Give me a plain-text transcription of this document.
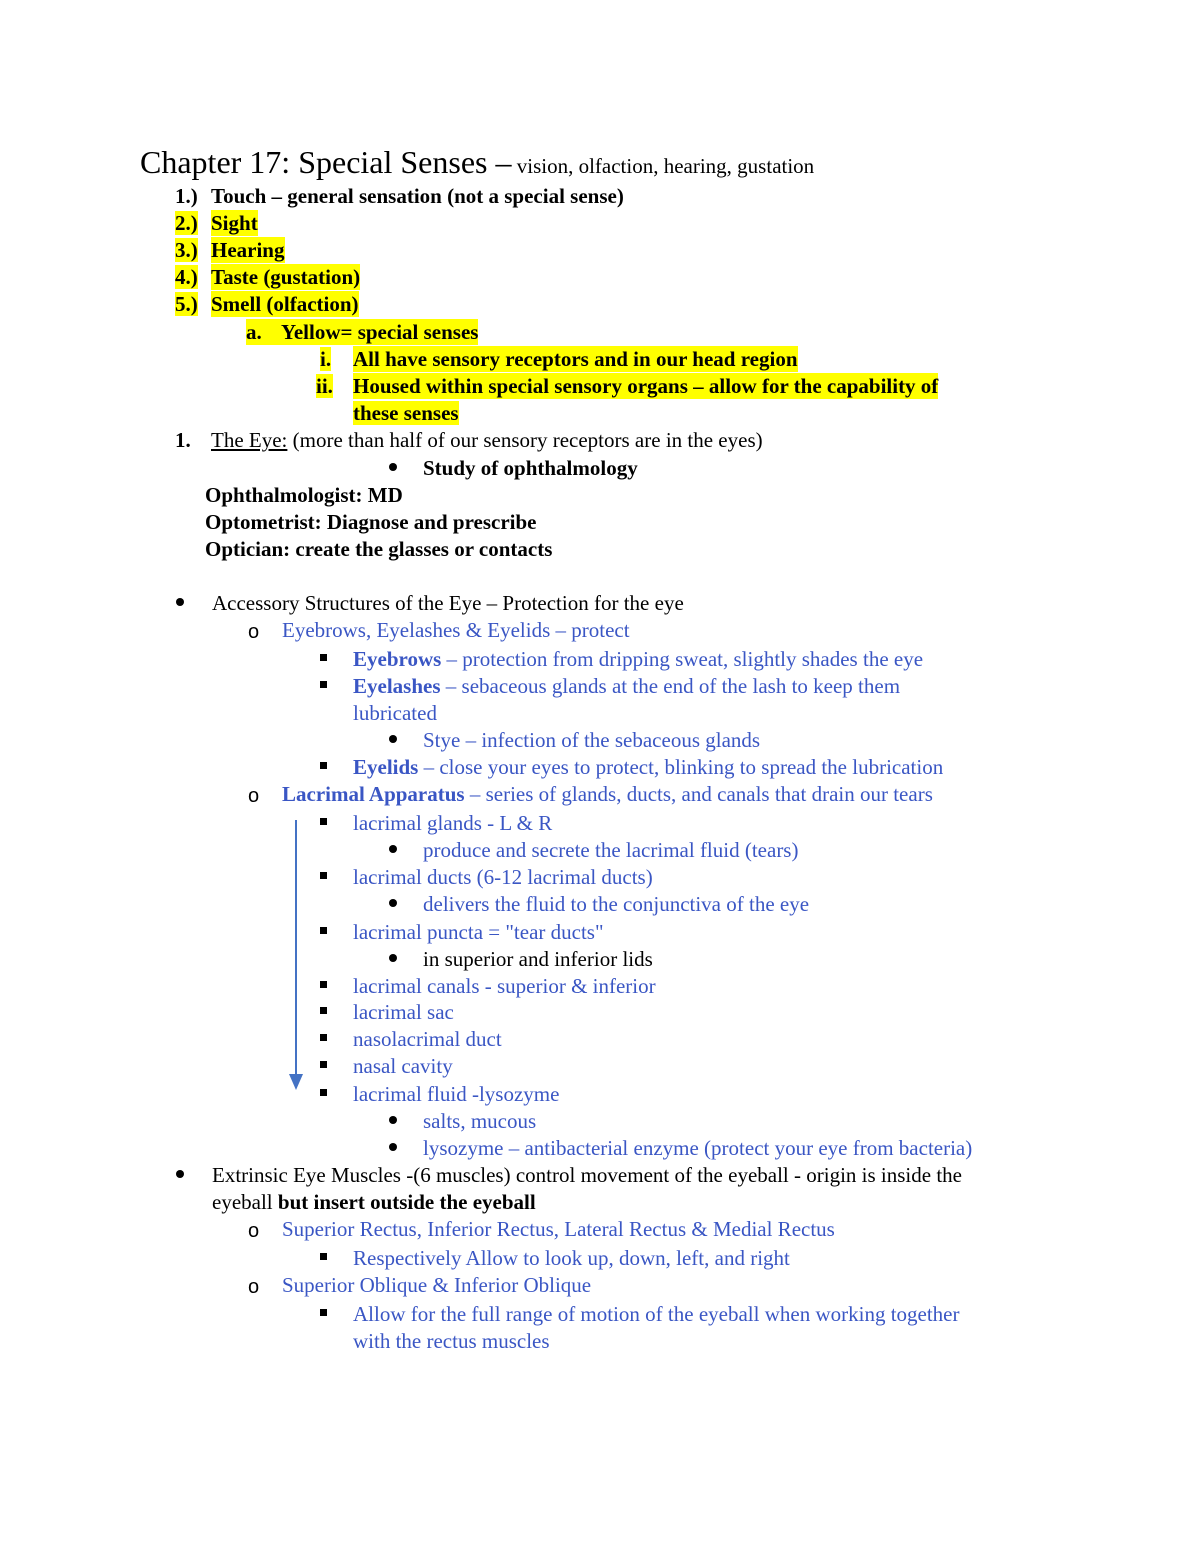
Chapter 17: Special Senses – vision, olfaction, hearing, gustation
1.) Touch – general sensation (not a special sense)
2.) Sight
3.) Hearing
4.) Taste (gustation)
5.) Smell (olfaction)
a. Yellow= special senses
i. All have sensory receptors and in our head region
ii. Housed within special sensory organs – allow for the capability of
these senses
1. The Eye: (more than half of our sensory receptors are in the eyes)
Study of ophthalmology
Ophthalmologist: MD
Optometrist: Diagnose and prescribe
Optician: create the glasses or contacts
Accessory Structures of the Eye – Protection for the eye
o Eyebrows, Eyelashes & Eyelids – protect
Eyebrows – protection from dripping sweat, slightly shades the eye
Eyelashes – sebaceous glands at the end of the lash to keep them
lubricated
Stye – infection of the sebaceous glands
Eyelids – close your eyes to protect, blinking to spread the lubrication
o Lacrimal Apparatus – series of glands, ducts, and canals that drain our tears
lacrimal glands - L & R
produce and secrete the lacrimal fluid (tears)
lacrimal ducts (6-12 lacrimal ducts)
delivers the fluid to the conjunctiva of the eye
lacrimal puncta = "tear ducts"
in superior and inferior lids
lacrimal canals - superior & inferior
lacrimal sac
nasolacrimal duct
nasal cavity
lacrimal fluid -lysozyme
salts, mucous
lysozyme – antibacterial enzyme (protect your eye from bacteria)
Extrinsic Eye Muscles -(6 muscles) control movement of the eyeball - origin is inside the
eyeball but insert outside the eyeball
o Superior Rectus, Inferior Rectus, Lateral Rectus & Medial Rectus
Respectively Allow to look up, down, left, and right
o Superior Oblique & Inferior Oblique
Allow for the full range of motion of the eyeball when working together
with the rectus muscles
